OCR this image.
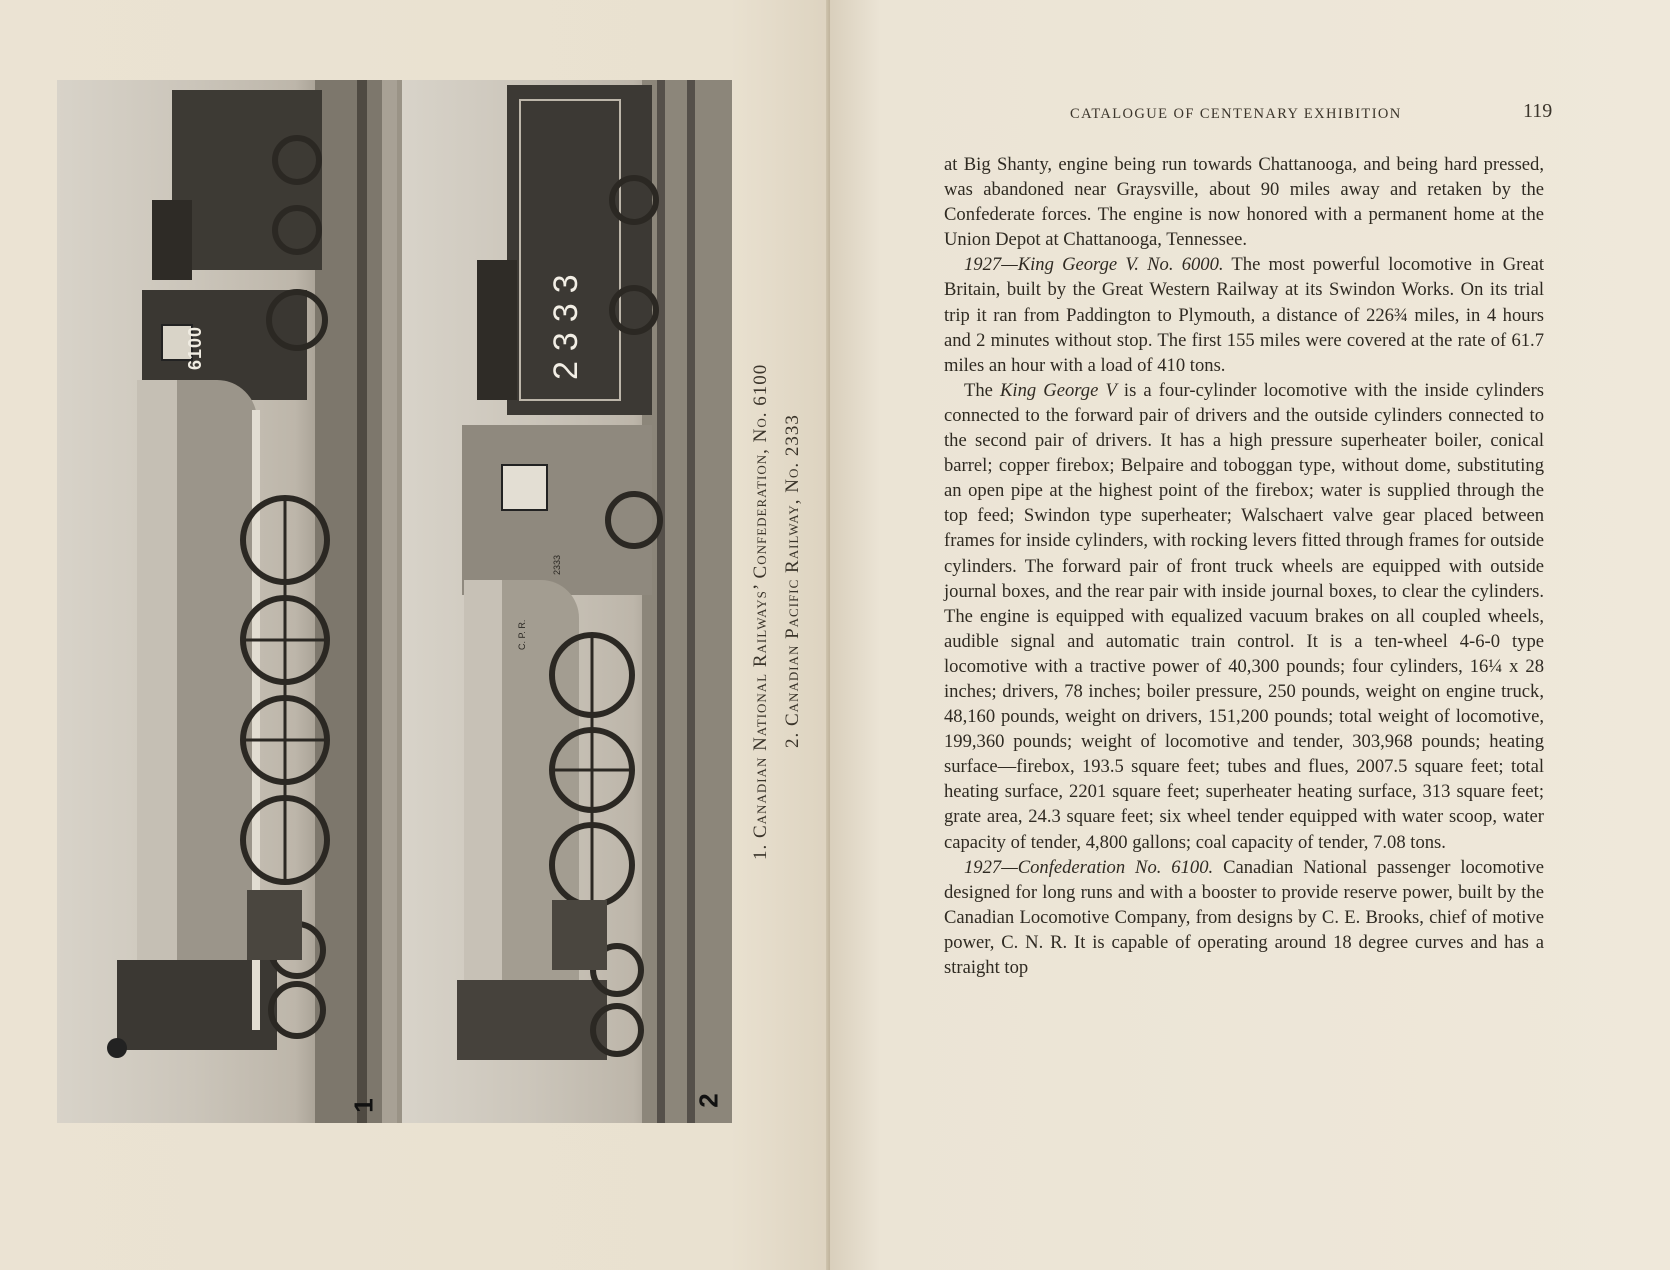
1
6100	2333
2333
C. P. R.
2
1. Canadian National Railways’ Confederation, No. 6100 2. Canadian Pacific Railway, No. 2333
CATALOGUE OF CENTENARY EXHIBITION	119

at Big Shanty, engine being run towards Chattanooga, and being hard pressed, was abandoned near Graysville, about 90 miles away and retaken by the Confederate forces. The engine is now honored with a permanent home at the Union Depot at Chattanooga, Tennessee.

1927—King George V. No. 6000. The most powerful locomotive in Great Britain, built by the Great Western Railway at its Swindon Works. On its trial trip it ran from Paddington to Plymouth, a distance of 226¾ miles, in 4 hours and 2 minutes without stop. The first 155 miles were covered at the rate of 61.7 miles an hour with a load of 410 tons.

The King George V is a four-cylinder locomotive with the inside cylinders connected to the forward pair of drivers and the outside cylinders connected to the second pair of drivers. It has a high pressure superheater boiler, conical barrel; copper firebox; Belpaire and toboggan type, without dome, substituting an open pipe at the highest point of the firebox; water is supplied through the top feed; Swindon type superheater; Walschaert valve gear placed between frames for inside cylinders, with rocking levers fitted through frames for outside cylinders. The forward pair of front truck wheels are equipped with outside journal boxes, and the rear pair with inside journal boxes, to clear the cylinders. The engine is equipped with equalized vacuum brakes on all coupled wheels, audible signal and automatic train control. It is a ten-wheel 4-6-0 type locomotive with a tractive power of 40,300 pounds; four cylinders, 16¼ x 28 inches; drivers, 78 inches; boiler pressure, 250 pounds, weight on engine truck, 48,160 pounds, weight on drivers, 151,200 pounds; total weight of locomotive, 199,360 pounds; weight of locomotive and tender, 303,968 pounds; heating surface—firebox, 193.5 square feet; tubes and flues, 2007.5 square feet; total heating surface, 2201 square feet; superheater heating surface, 313 square feet; grate area, 24.3 square feet; six wheel tender equipped with water scoop, water capacity of tender, 4,800 gallons; coal capacity of tender, 7.08 tons.

1927—Confederation No. 6100. Canadian National passenger locomotive designed for long runs and with a booster to provide reserve power, built by the Canadian Locomotive Company, from designs by C. E. Brooks, chief of motive power, C. N. R. It is capable of operating around 18 degree curves and has a straight top
